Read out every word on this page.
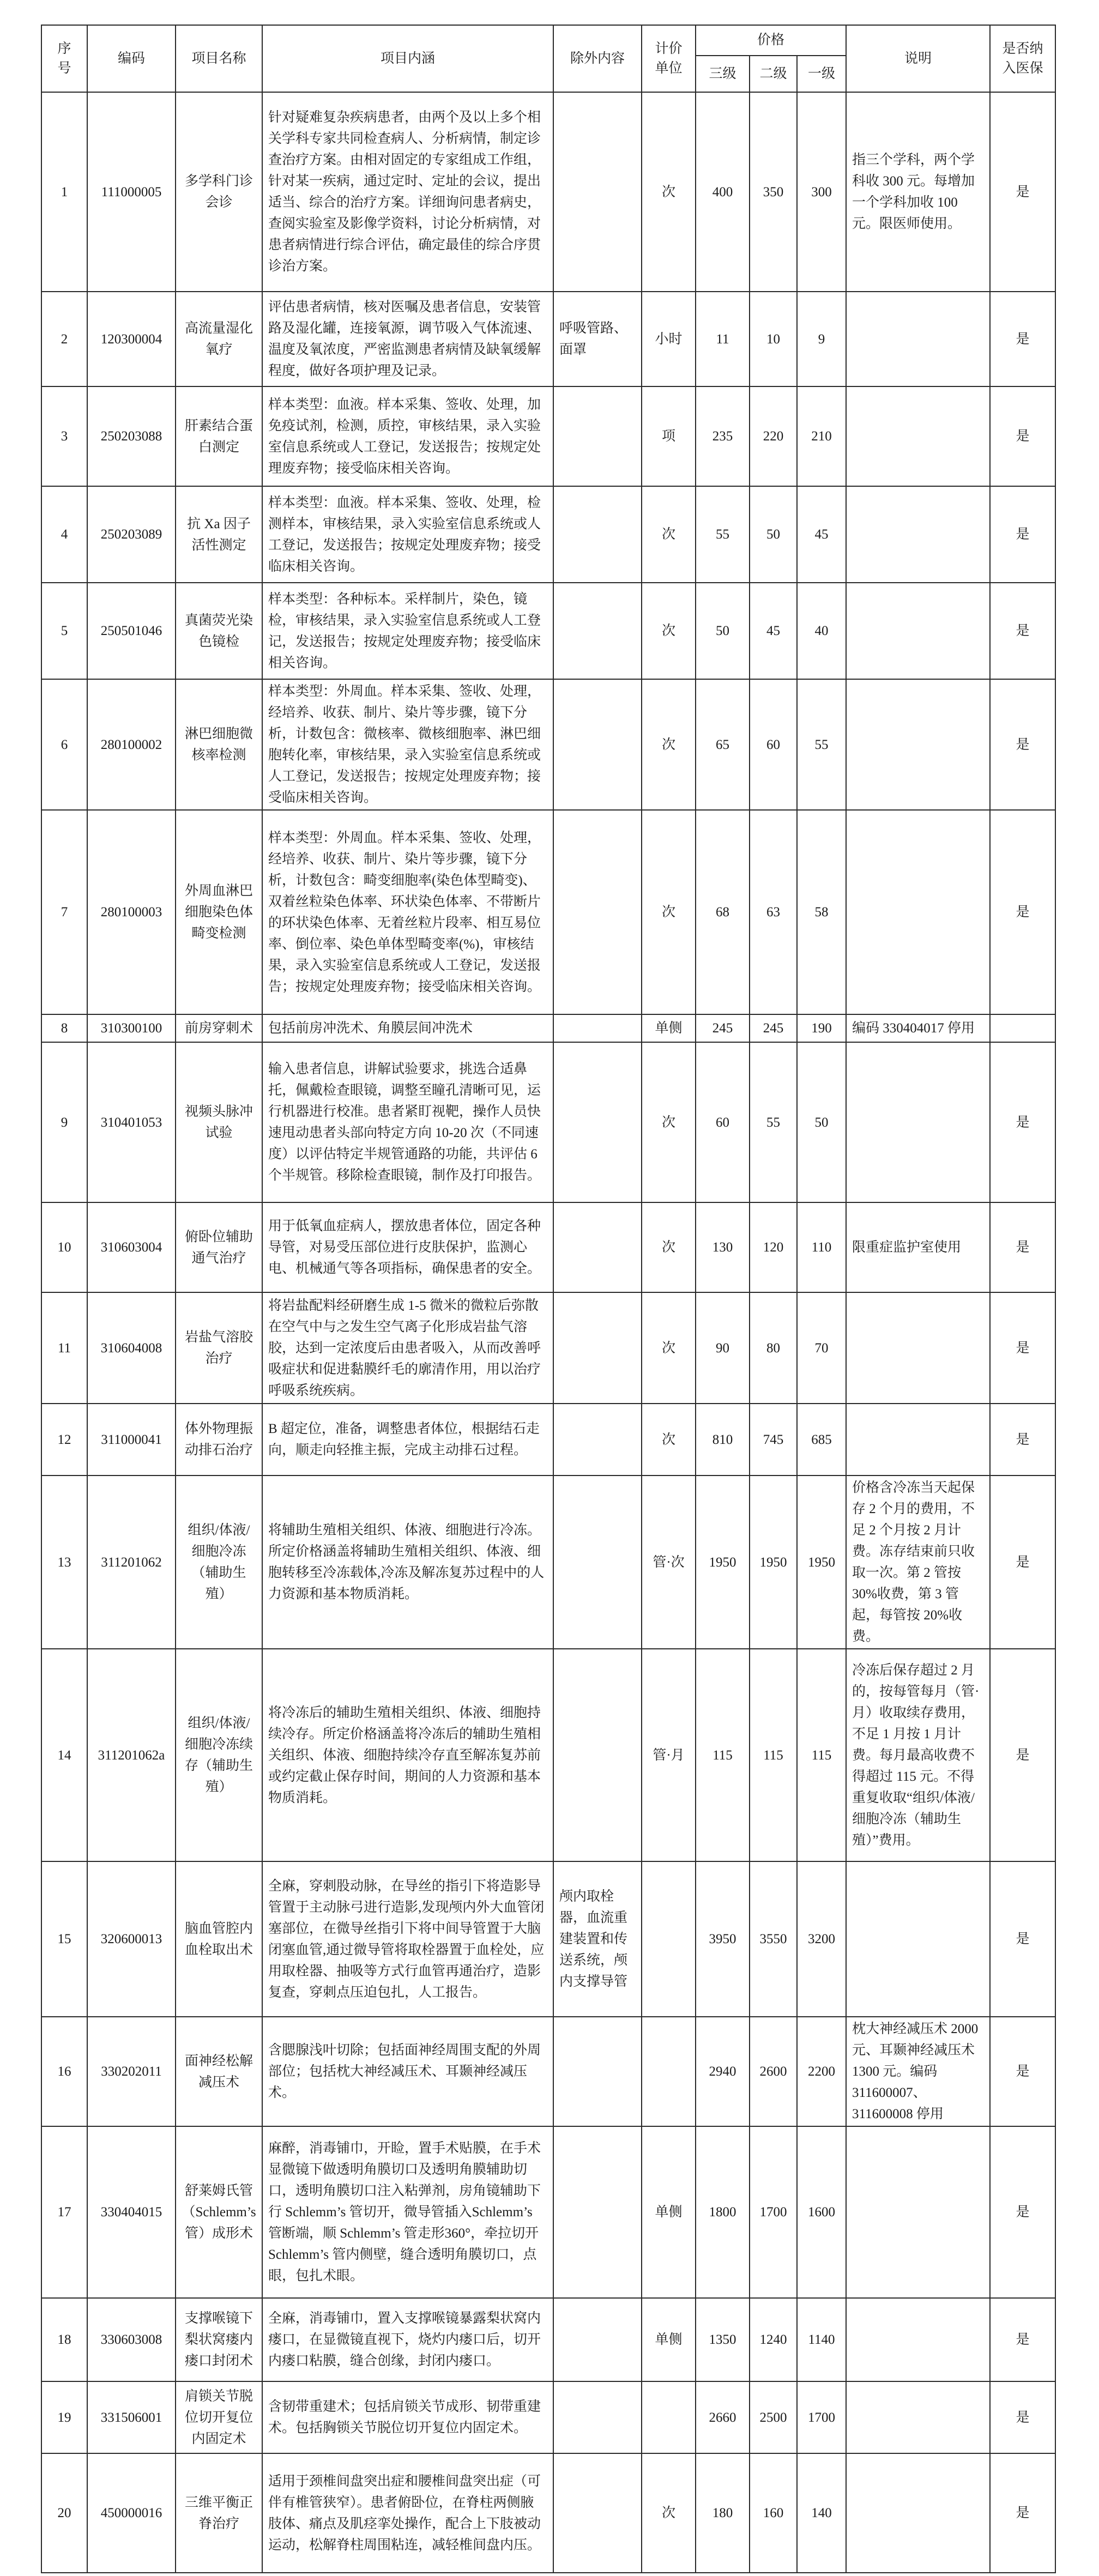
序号	编码	项目名称	项目内涵	除外内容	计价单位	价格			说明	是否纳入医保
						三级	二级	一级		
1	111000005	多学科门诊会诊	针对疑难复杂疾病患者，由两个及以上多个相关学科专家共同检查病人、分析病情，制定诊查治疗方案。由相对固定的专家组成工作组，针对某一疾病，通过定时、定址的会议，提出适当、综合的治疗方案。详细询问患者病史，查阅实验室及影像学资料，讨论分析病情，对患者病情进行综合评估，确定最佳的综合序贯诊治方案。		次	400	350	300	指三个学科，两个学科收 300 元。每增加一个学科加收 100 元。限医师使用。	是
2	120300004	高流量湿化氧疗	评估患者病情，核对医嘱及患者信息，安装管路及湿化罐，连接氧源，调节吸入气体流速、温度及氧浓度，严密监测患者病情及缺氧缓解程度，做好各项护理及记录。	呼吸管路、面罩	小时	11	10	9		是
3	250203088	肝素结合蛋白测定	样本类型：血液。样本采集、签收、处理，加免疫试剂，检测，质控，审核结果，录入实验室信息系统或人工登记，发送报告；按规定处理废弃物；接受临床相关咨询。		项	235	220	210		是
4	250203089	抗 Xa 因子活性测定	样本类型：血液。样本采集、签收、处理，检测样本，审核结果，录入实验室信息系统或人工登记，发送报告；按规定处理废弃物；接受临床相关咨询。		次	55	50	45		是
5	250501046	真菌荧光染色镜检	样本类型：各种标本。采样制片，染色，镜检，审核结果，录入实验室信息系统或人工登记，发送报告；按规定处理废弃物；接受临床相关咨询。		次	50	45	40		是
6	280100002	淋巴细胞微核率检测	样本类型：外周血。样本采集、签收、处理，经培养、收获、制片、染片等步骤，镜下分析，计数包含：微核率、微核细胞率、淋巴细胞转化率，审核结果，录入实验室信息系统或人工登记，发送报告；按规定处理废弃物；接受临床相关咨询。		次	65	60	55		是
7	280100003	外周血淋巴细胞染色体畸变检测	样本类型：外周血。样本采集、签收、处理，经培养、收获、制片、染片等步骤，镜下分析，计数包含：畸变细胞率(染色体型畸变)、双着丝粒染色体率、环状染色体率、不带断片的环状染色体率、无着丝粒片段率、相互易位率、倒位率、染色单体型畸变率(%)，审核结果，录入实验室信息系统或人工登记，发送报告；按规定处理废弃物；接受临床相关咨询。		次	68	63	58		是
8	310300100	前房穿刺术	包括前房冲洗术、角膜层间冲洗术		单侧	245	245	190	编码 330404017 停用	
9	310401053	视频头脉冲试验	输入患者信息，讲解试验要求，挑选合适鼻托，佩戴检查眼镜，调整至瞳孔清晰可见，运行机器进行校准。患者紧盯视靶，操作人员快速甩动患者头部向特定方向 10-20 次（不同速度）以评估特定半规管通路的功能，共评估 6 个半规管。移除检查眼镜，制作及打印报告。		次	60	55	50		是
10	310603004	俯卧位辅助通气治疗	用于低氧血症病人，摆放患者体位，固定各种导管，对易受压部位进行皮肤保护，监测心电、机械通气等各项指标，确保患者的安全。		次	130	120	110	限重症监护室使用	是
11	310604008	岩盐气溶胶治疗	将岩盐配料经研磨生成 1-5 微米的微粒后弥散在空气中与之发生空气离子化形成岩盐气溶胶，达到一定浓度后由患者吸入，从而改善呼吸症状和促进黏膜纤毛的廓清作用，用以治疗呼吸系统疾病。		次	90	80	70		是
12	311000041	体外物理振动排石治疗	B 超定位，准备，调整患者体位，根据结石走向，顺走向轻推主振，完成主动排石过程。		次	810	745	685		是
13	311201062	组织/体液/细胞冷冻（辅助生殖）	将辅助生殖相关组织、体液、细胞进行冷冻。所定价格涵盖将辅助生殖相关组织、体液、细胞转移至冷冻载体,冷冻及解冻复苏过程中的人力资源和基本物质消耗。		管·次	1950	1950	1950	价格含冷冻当天起保存 2 个月的费用，不足 2 个月按 2 月计费。冻存结束前只收取一次。第 2 管按 30%收费，第 3 管起，每管按 20%收费。	是
14	311201062a	组织/体液/细胞冷冻续存（辅助生殖）	将冷冻后的辅助生殖相关组织、体液、细胞持续冷存。所定价格涵盖将冷冻后的辅助生殖相关组织、体液、细胞持续冷存直至解冻复苏前或约定截止保存时间，期间的人力资源和基本物质消耗。		管·月	115	115	115	冷冻后保存超过 2 月的，按每管每月（管·月）收取续存费用，不足 1 月按 1 月计费。每月最高收费不得超过 115 元。不得重复收取“组织/体液/细胞冷冻（辅助生殖）”费用。	是
15	320600013	脑血管腔内血栓取出术	全麻，穿刺股动脉，在导丝的指引下将造影导管置于主动脉弓进行造影,发现颅内外大血管闭塞部位，在微导丝指引下将中间导管置于大脑闭塞血管,通过微导管将取栓器置于血栓处，应用取栓器、抽吸等方式行血管再通治疗，造影复查，穿刺点压迫包扎，人工报告。	颅内取栓器，血流重建装置和传送系统，颅内支撑导管		3950	3550	3200		是
16	330202011	面神经松解减压术	含腮腺浅叶切除；包括面神经周围支配的外周部位；包括枕大神经减压术、耳颞神经减压术。			2940	2600	2200	枕大神经减压术 2000 元、耳颞神经减压术 1300 元。编码 311600007、311600008 停用	是
17	330404015	舒莱姆氏管（Schlemm’s 管）成形术	麻醉，消毒铺巾，开睑，置手术贴膜，在手术显微镜下做透明角膜切口及透明角膜辅助切口，透明角膜切口注入粘弹剂，房角镜辅助下行 Schlemm’s 管切开，微导管插入Schlemm’s 管断端，顺 Schlemm’s 管走形360°，牵拉切开 Schlemm’s 管内侧壁，缝合透明角膜切口，点眼，包扎术眼。		单侧	1800	1700	1600		是
18	330603008	支撑喉镜下梨状窝瘘内瘘口封闭术	全麻，消毒铺巾，置入支撑喉镜暴露梨状窝内瘘口，在显微镜直视下，烧灼内瘘口后，切开内瘘口粘膜，缝合创缘，封闭内瘘口。		单侧	1350	1240	1140		是
19	331506001	肩锁关节脱位切开复位内固定术	含韧带重建术；包括肩锁关节成形、韧带重建术。包括胸锁关节脱位切开复位内固定术。			2660	2500	1700		是
20	450000016	三维平衡正脊治疗	适用于颈椎间盘突出症和腰椎间盘突出症（可伴有椎管狭窄）。患者俯卧位，在脊柱两侧腋肢体、痛点及肌痉挛处操作，配合上下肢被动运动，松解脊柱周围粘连，减轻椎间盘内压。		次	180	160	140		是
